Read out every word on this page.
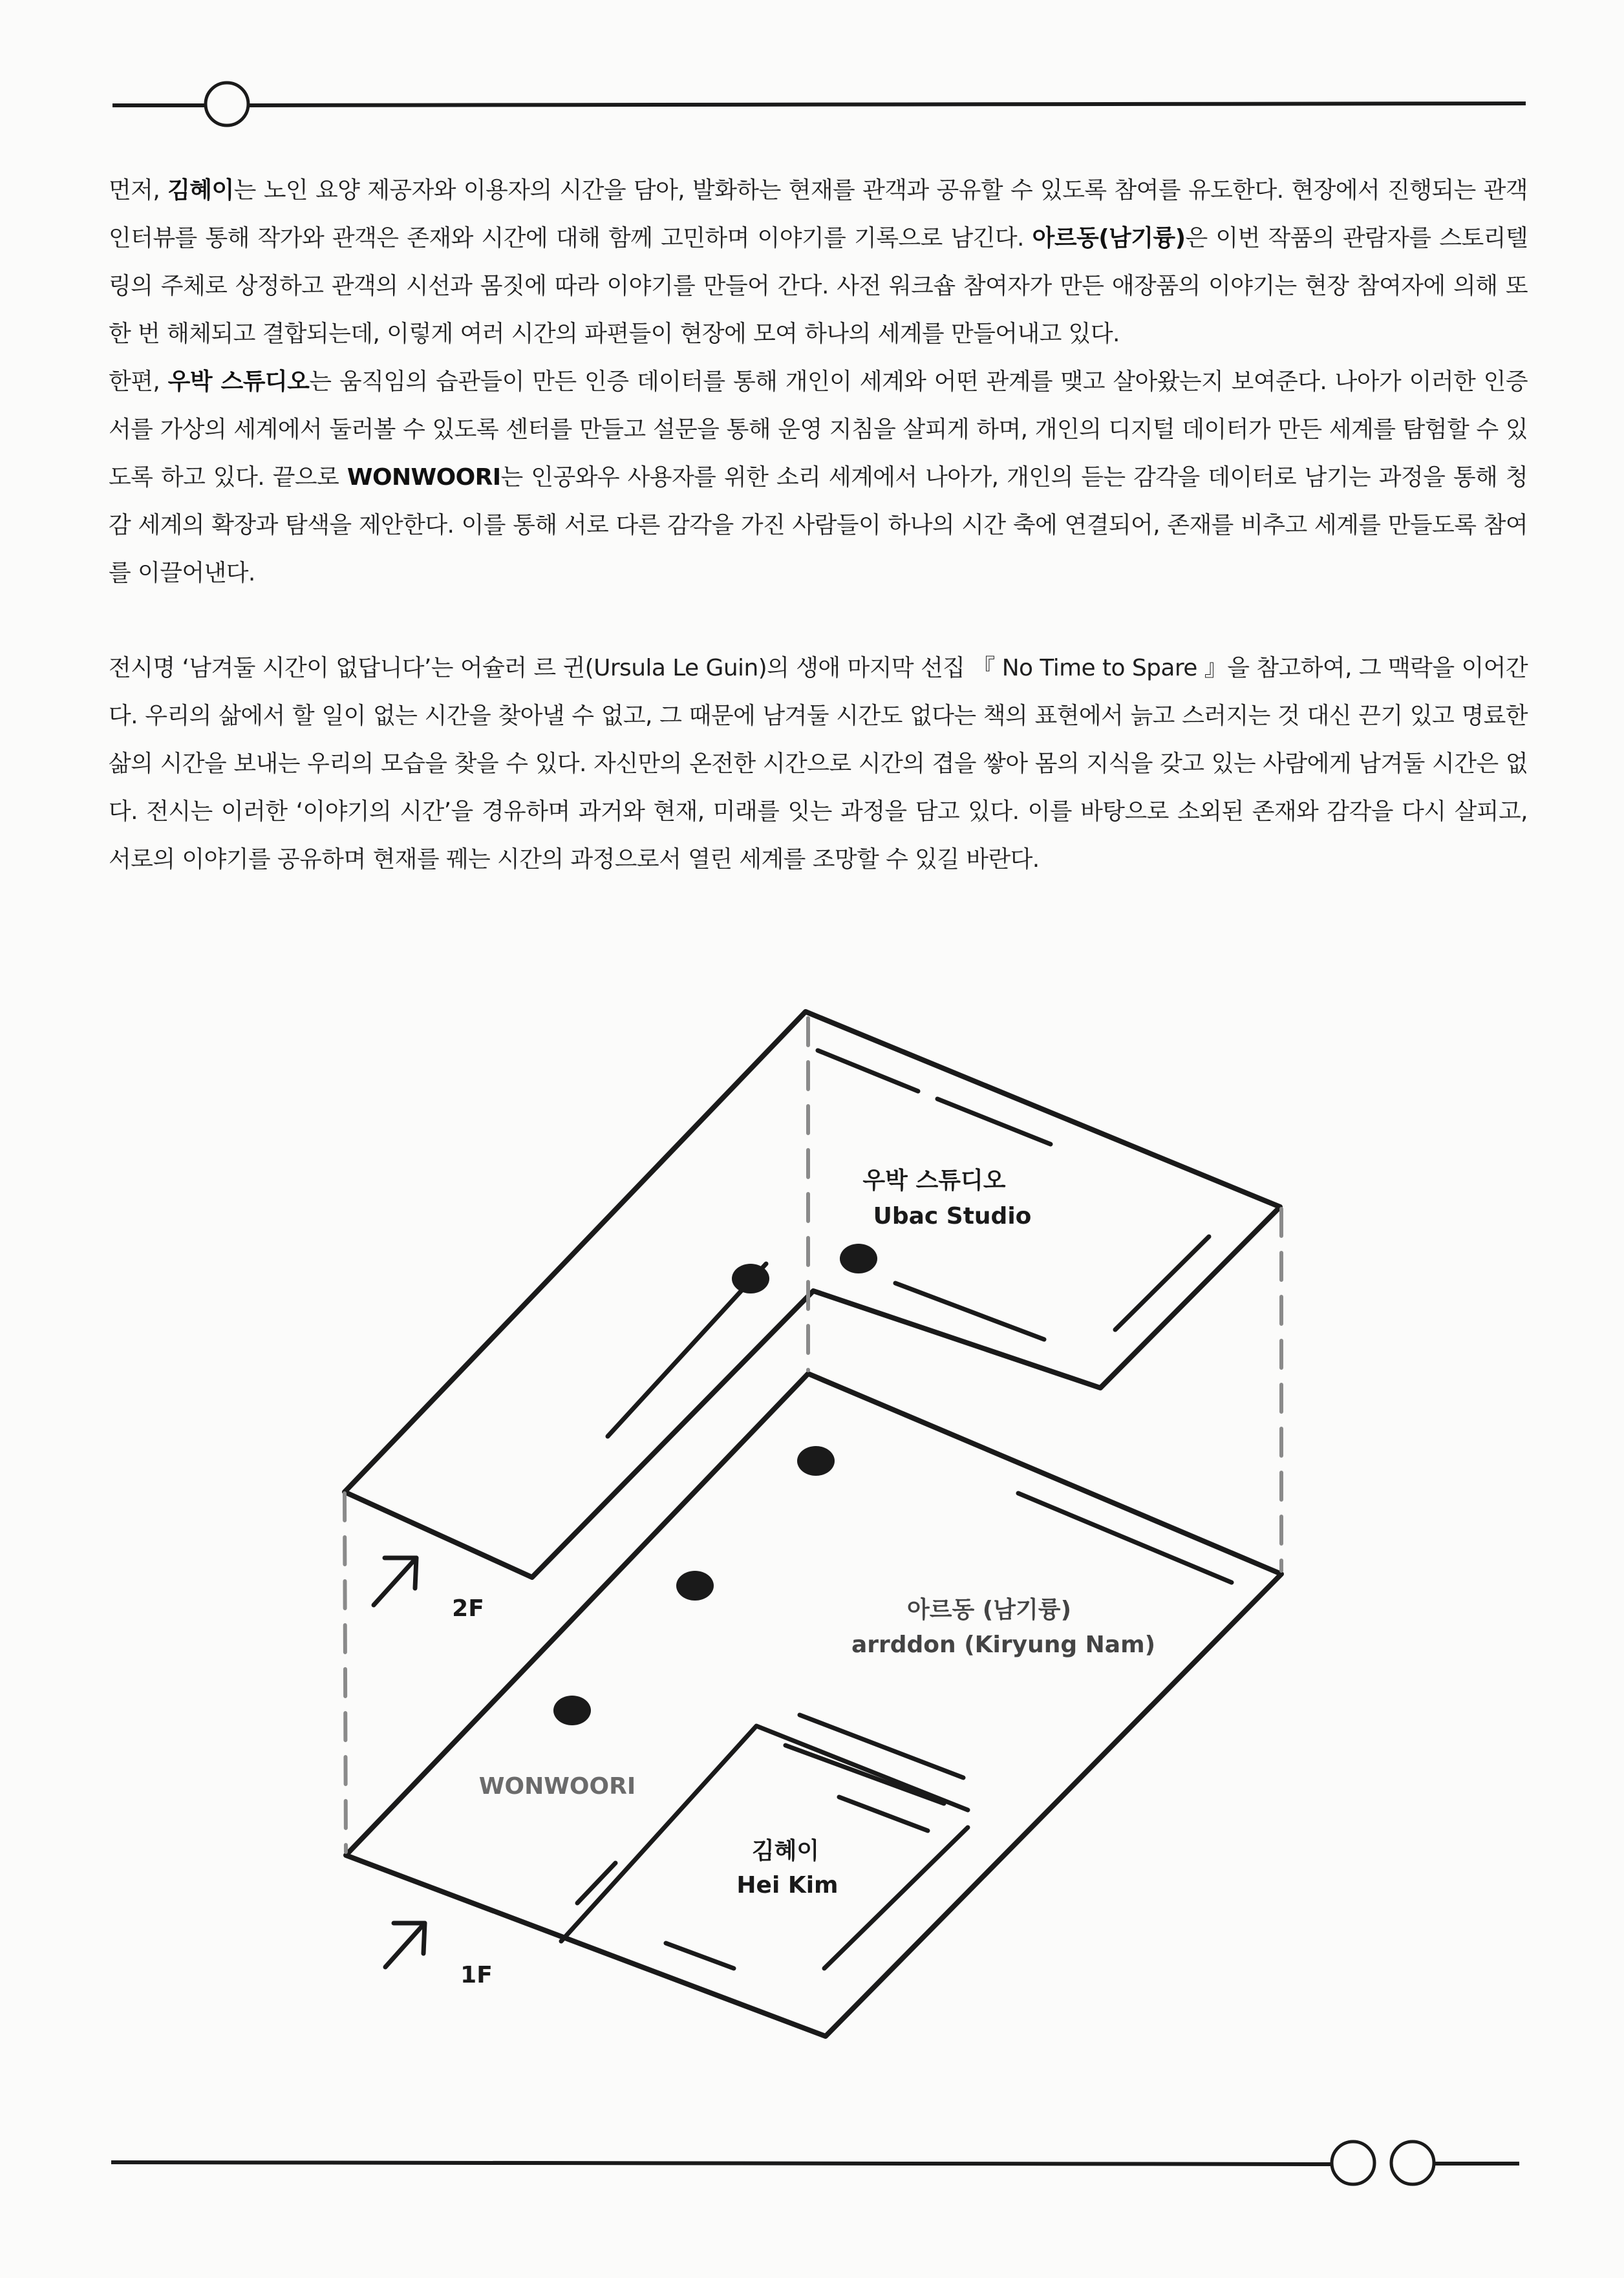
먼저, 김혜이는 노인 요양 제공자와 이용자의 시간을 담아, 발화하는 현재를 관객과 공유할 수 있도록 참여를 유도한다. 현장에서 진행되는 관객 인터뷰를 통해 작가와 관객은 존재와 시간에 대해 함께 고민하며 이야기를 기록으로 남긴다. 아르동(남기륭)은 이번 작품의 관람자를 스토리텔링의 주체로 상정하고 관객의 시선과 몸짓에 따라 이야기를 만들어 간다. 사전 워크숍 참여자가 만든 애장품의 이야기는 현장 참여자에 의해 또 한 번 해체되고 결합되는데, 이렇게 여러 시간의 파편들이 현장에 모여 하나의 세계를 만들어내고 있다.

한편, 우박 스튜디오는 움직임의 습관들이 만든 인증 데이터를 통해 개인이 세계와 어떤 관계를 맺고 살아왔는지 보여준다. 나아가 이러한 인증서를 가상의 세계에서 둘러볼 수 있도록 센터를 만들고 설문을 통해 운영 지침을 살피게 하며, 개인의 디지털 데이터가 만든 세계를 탐험할 수 있도록 하고 있다. 끝으로 WONWOORI는 인공와우 사용자를 위한 소리 세계에서 나아가, 개인의 듣는 감각을 데이터로 남기는 과정을 통해 청감 세계의 확장과 탐색을 제안한다. 이를 통해 서로 다른 감각을 가진 사람들이 하나의 시간 축에 연결되어, 존재를 비추고 세계를 만들도록 참여를 이끌어낸다.

전시명 ‘남겨둘 시간이 없답니다’는 어슐러 르 귄(Ursula Le Guin)의 생애 마지막 선집 『 No Time to Spare 』을 참고하여, 그 맥락을 이어간다. 우리의 삶에서 할 일이 없는 시간을 찾아낼 수 없고, 그 때문에 남겨둘 시간도 없다는 책의 표현에서 늙고 스러지는 것 대신 끈기 있고 명료한 삶의 시간을 보내는 우리의 모습을 찾을 수 있다. 자신만의 온전한 시간으로 시간의 겹을 쌓아 몸의 지식을 갖고 있는 사람에게 남겨둘 시간은 없다. 전시는 이러한 ‘이야기의 시간’을 경유하며 과거와 현재, 미래를 잇는 과정을 담고 있다. 이를 바탕으로 소외된 존재와 감각을 다시 살피고, 서로의 이야기를 공유하며 현재를 꿰는 시간의 과정으로서 열린 세계를 조망할 수 있길 바란다.

우박 스튜디오
Ubac Studio
아르동 (남기륭)
arrddon (Kiryung Nam)
WONWOORI
김혜이
Hei Kim
2F
1F
